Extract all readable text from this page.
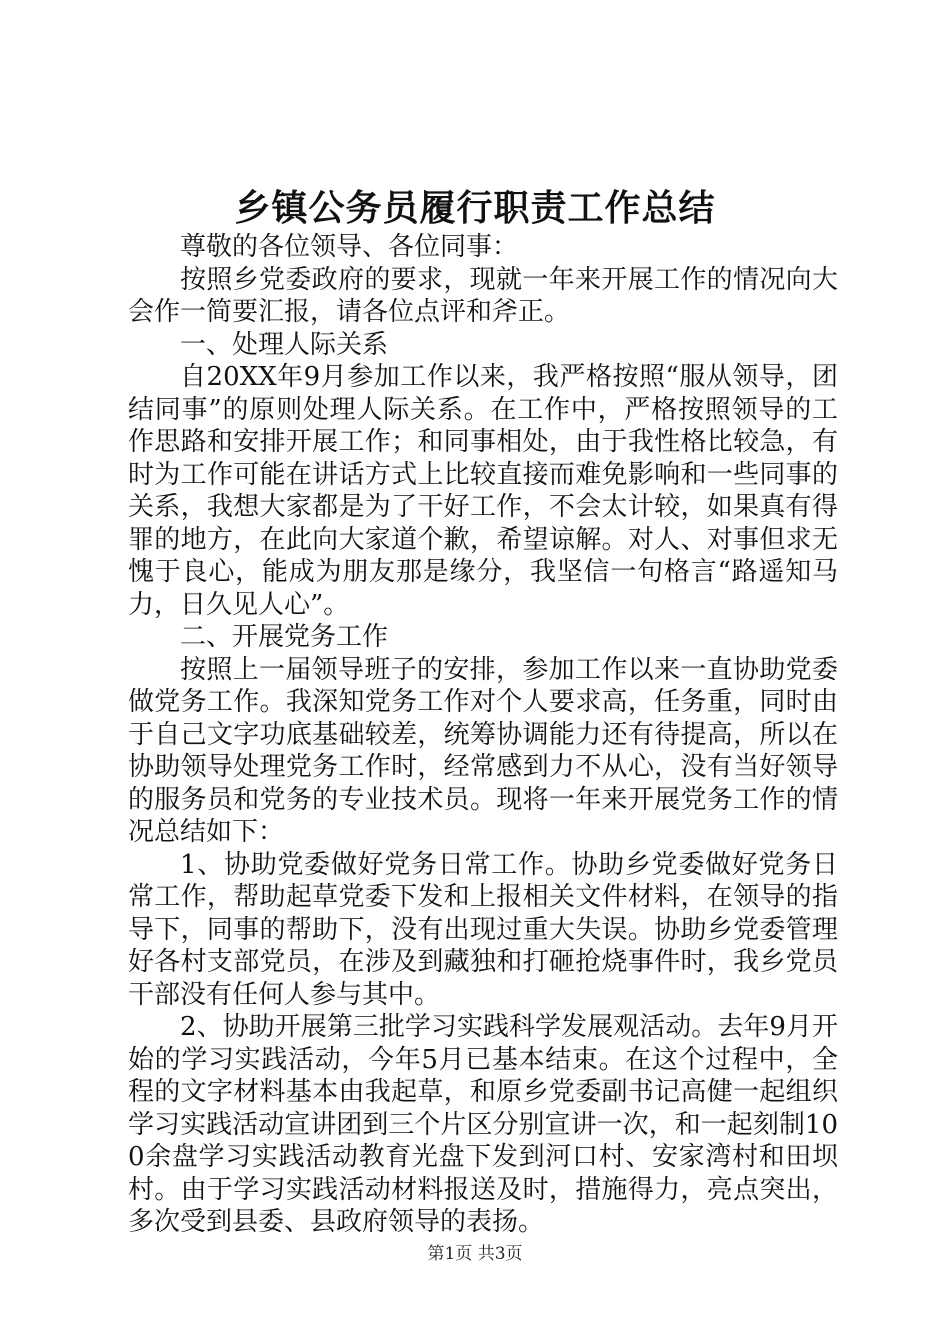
乡镇公务员履行职责工作总结

尊敬的各位领导、各位同事：

按照乡党委政府的要求，现就一年来开展工作的情况向大会作一简要汇报，请各位点评和斧正。

一、处理人际关系

自20XX年9月参加工作以来，我严格按照“服从领导，团结同事”的原则处理人际关系。在工作中，严格按照领导的工作思路和安排开展工作；和同事相处，由于我性格比较急，有时为工作可能在讲话方式上比较直接而难免影响和一些同事的关系，我想大家都是为了干好工作，不会太计较，如果真有得罪的地方，在此向大家道个歉，希望谅解。对人、对事但求无愧于良心，能成为朋友那是缘分，我坚信一句格言“路遥知马力，日久见人心”。

二、开展党务工作

按照上一届领导班子的安排，参加工作以来一直协助党委做党务工作。我深知党务工作对个人要求高，任务重，同时由于自己文字功底基础较差，统筹协调能力还有待提高，所以在协助领导处理党务工作时，经常感到力不从心，没有当好领导的服务员和党务的专业技术员。现将一年来开展党务工作的情况总结如下：

1、协助党委做好党务日常工作。协助乡党委做好党务日常工作，帮助起草党委下发和上报相关文件材料，在领导的指导下，同事的帮助下，没有出现过重大失误。协助乡党委管理好各村支部党员，在涉及到藏独和打砸抢烧事件时，我乡党员干部没有任何人参与其中。

2、协助开展第三批学习实践科学发展观活动。去年9月开始的学习实践活动，今年5月已基本结束。在这个过程中，全程的文字材料基本由我起草，和原乡党委副书记高健一起组织学习实践活动宣讲团到三个片区分别宣讲一次，和一起刻制100余盘学习实践活动教育光盘下发到河口村、安家湾村和田坝村。由于学习实践活动材料报送及时，措施得力，亮点突出，多次受到县委、县政府领导的表扬。

第1页 共3页
